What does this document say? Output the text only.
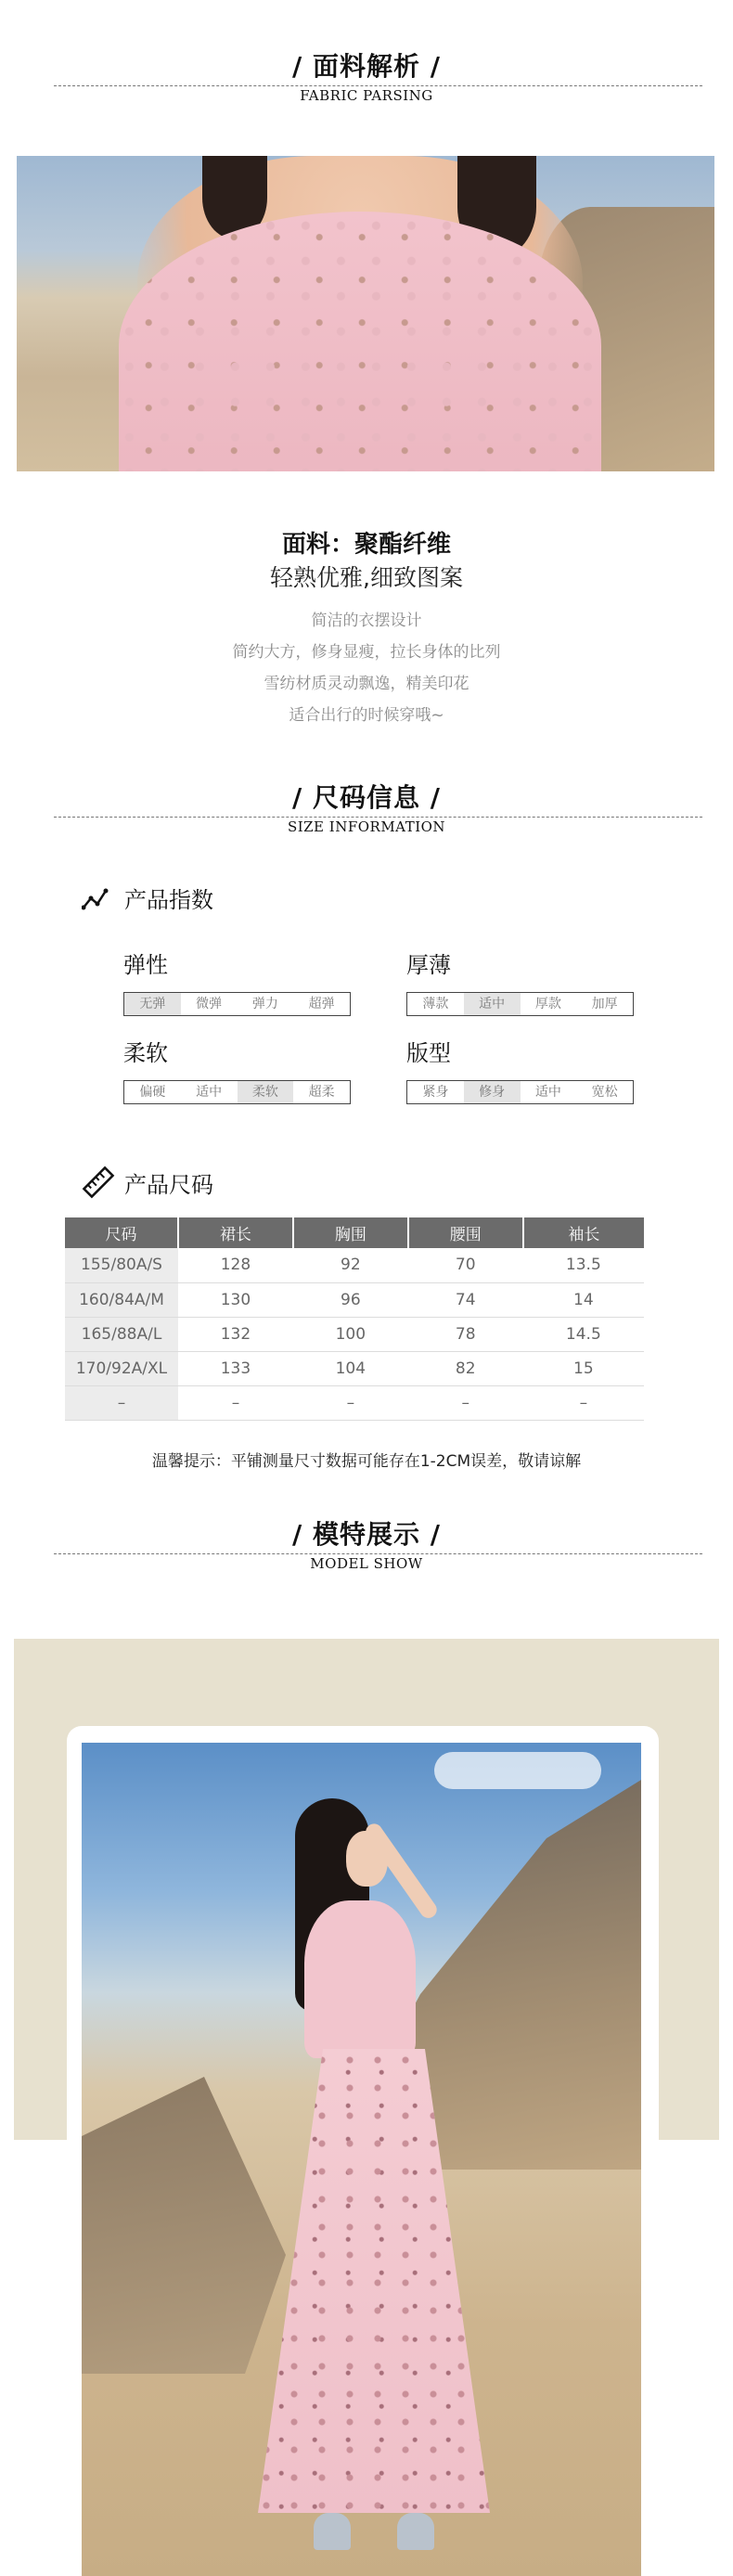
/ 面料解析 /
FABRIC PARSING
面料：聚酯纤维
轻熟优雅,细致图案
简洁的衣摆设计
简约大方，修身显瘦，拉长身体的比列
雪纺材质灵动飘逸，精美印花
适合出行的时候穿哦~
/ 尺码信息 /
SIZE INFORMATION
产品指数
弹性
无弹	微弹	弹力	超弹
厚薄
薄款	适中	厚款	加厚
柔软
偏硬	适中	柔软	超柔
版型
紧身	修身	适中	宽松
产品尺码
尺码	裙长	胸围	腰围	袖长
155/80A/S	128	92	70	13.5
160/84A/M	130	96	74	14
165/88A/L	132	100	78	14.5
170/92A/XL	133	104	82	15
–	–	–	–	–
温馨提示：平铺测量尺寸数据可能存在1-2CM误差，敬请谅解
/ 模特展示 /
MODEL SHOW
